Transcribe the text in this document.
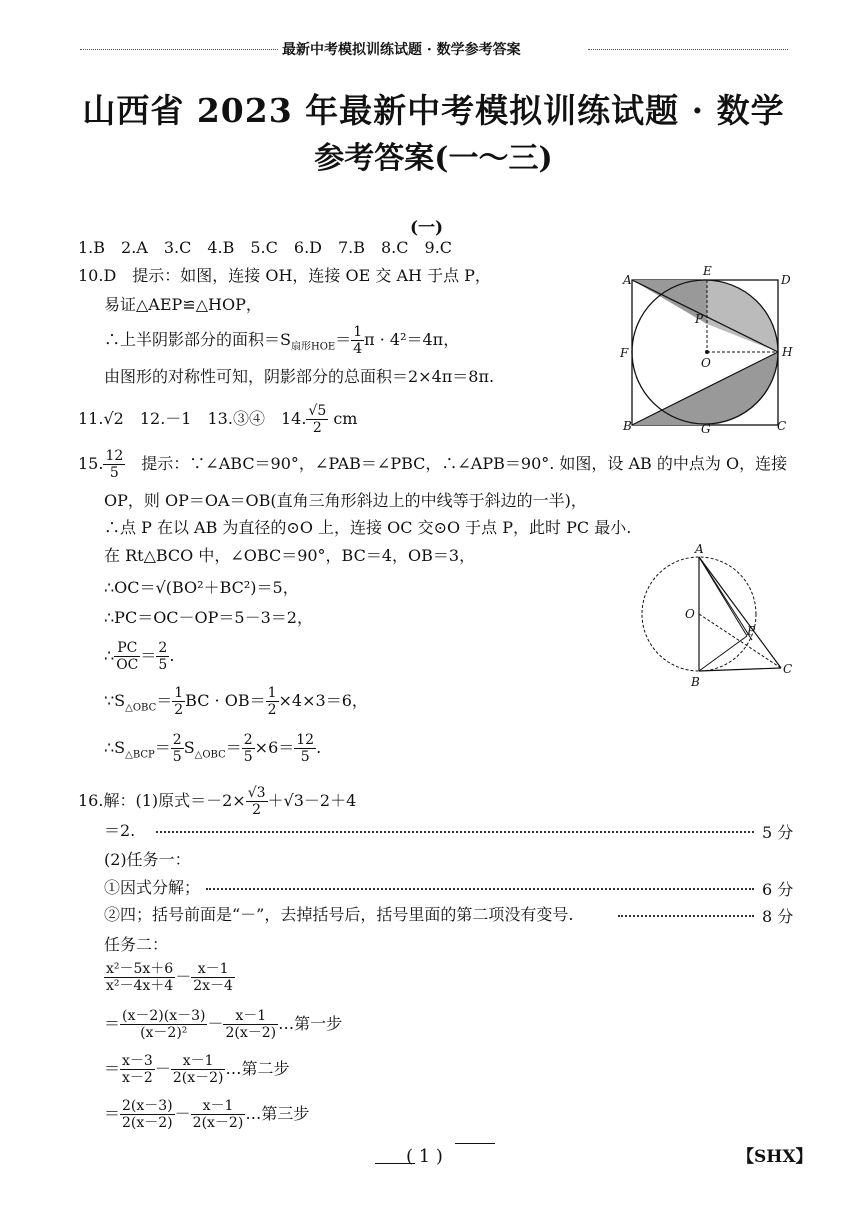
最新中考模拟训练试题 · 数学参考答案
山西省 2023 年最新中考模拟训练试题 · 数学
参考答案(一～三)
(一)
1.B　2.A　3.C　4.B　5.C　6.D　7.B　8.C　9.C
10.D　提示：如图，连接 OH，连接 OE 交 AH 于点 P，
易证△AEP≌△HOP，
∴上半阴影部分的面积$=S_{扇形HOE}= \frac{1}{4}$ π · 4²＝4π，
由图形的对称性可知，阴影部分的总面积＝2×4π＝8π.
A
E
D
P
F
O
H
B	G	C
11.√2　 12.－1　 13.③④　 14. $\frac{√5}{2}$ cm
15. $\frac{12}{5}$
　 提示：∵∠ABC＝90°，∠PAB＝∠PBC，∴∠APB＝90°. 如图，设 AB 的中点为 O，连接
OP，则 OP＝OA＝OB(直角三角形斜边上的中线等于斜边的一半)，
∴点 P 在以 AB 为直径的⊙O 上，连接 OC 交⊙O 于点 P，此时 PC 最小.
在 Rt△BCO 中，∠OBC＝90°，BC＝4，OB＝3，
∴OC＝√(BO²＋BC²)＝5，
∴PC＝OC－OP＝5－3＝2，
∴ $\frac{PC}{OC} = \frac{2}{5}$ .
$\because S_{\triangle OBC}= \frac{1}{2}$ BC · $OB= \frac{1}{2} \times 4\times 3=6$，
$\therefore S_{\triangle BCP}= \frac{2}{5} S_{\triangle OBC}= \frac{2}{5} \times 6= \frac{12}{5}$ .
A
O
P
B
C
16.解：(1)原式$=-2\times \frac{√3}{2} +√3-2+4$
＝2.	5 分
(2)任务一：
①因式分解；	6 分
②四；括号前面是“－”，去掉括号后，括号里面的第二项没有变号.	8 分
任务二：
$\frac{\text{x²－5x＋6}}{\text{x²－4x＋4}} - \frac{x-1}{2x-4}$
＝ $\frac{(x-2)(x-3)}{\text{(x－2)²}} - \frac{x-1}{2(x-2)}$ …第一步
＝ $\frac{x-3}{x-2} - \frac{x-1}{2(x-2)}$ …第二步
＝ $\frac{2(x-3)}{2(x-2)} - \frac{x-1}{2(x-2)}$ …第三步
( 1 )	【SHX】
